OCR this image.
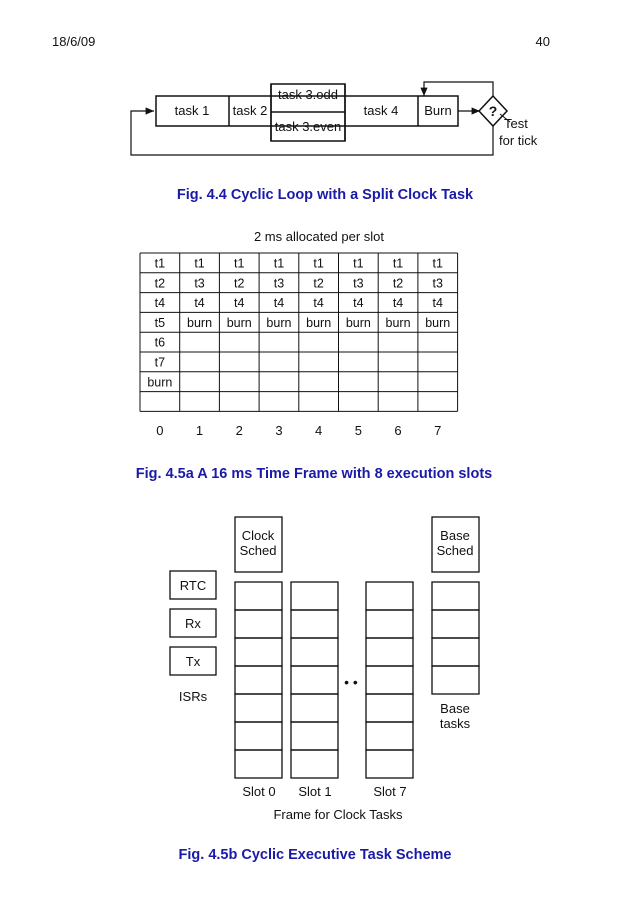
18/6/09	40
task 1 task 2
task 3.odd
task 3.even
task 4 Burn	?
Test
for tick
t1 t1 t1 t1 t1 t1 t1 t1
t2 t3 t2 t3 t2 t3 t2 t3
t4 t4 t4 t4 t4 t4 t4 t4
t5 burn burn burn burn burn burn burn
t6
t7
burn
0 1 2 3 4 5 6 7
Clock
Sched
Base
Sched
RTC
Rx
Tx
ISRs
• •
Base
tasks
Slot 0 Slot 1	Slot 7
Frame for Clock Tasks
Fig. 4.4 Cyclic Loop with a Split Clock Task
2 ms allocated per slot
Fig. 4.5a A 16 ms Time Frame with 8 execution slots
Fig. 4.5b Cyclic Executive Task Scheme
